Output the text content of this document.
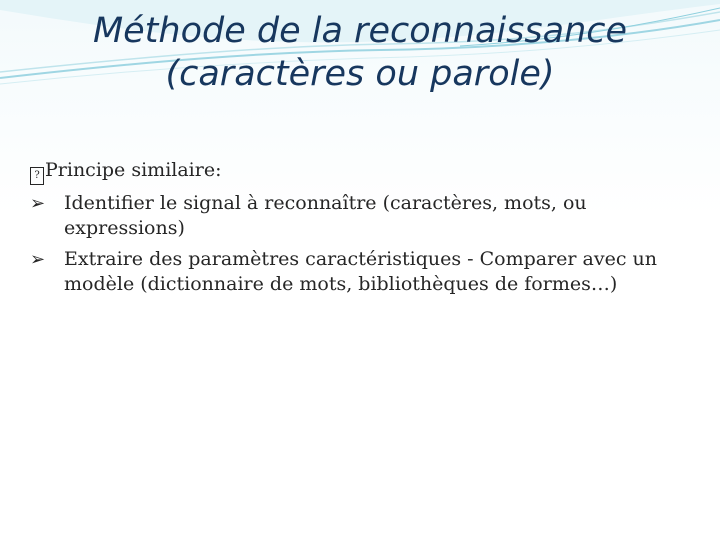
Méthode de la reconnaissance
(caractères ou parole)
? Principe similaire:
➢ Identifier le signal à reconnaître (caractères, mots, ou expressions)
➢ Extraire des paramètres caractéristiques - Comparer avec un modèle (dictionnaire de mots, bibliothèques de formes…)
